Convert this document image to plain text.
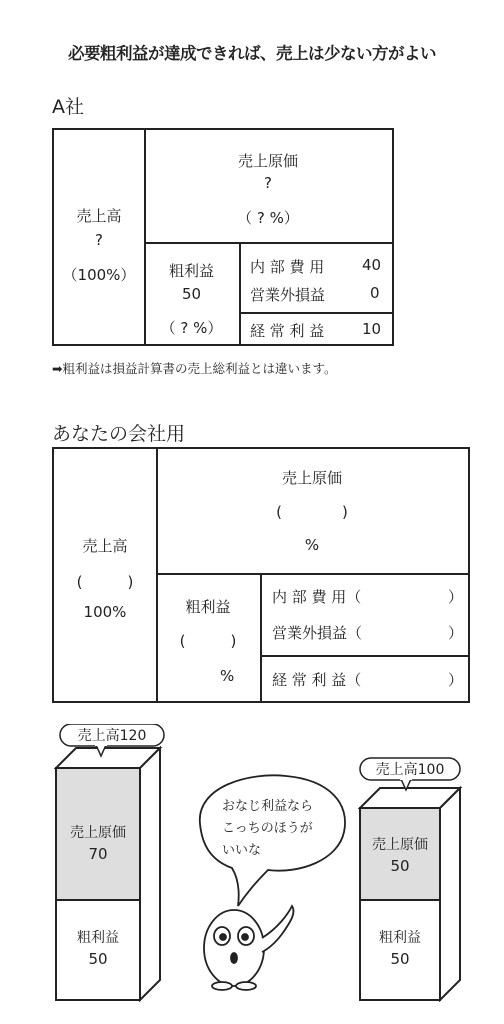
必要粗利益が達成できれば、売上は少ない方がよい
A社
売上高
?
（100%）
売上原価
?
（ ? %）
粗利益
50
（ ? %）
内 部 費 用	40
営業外損益	0
経 常 利 益	10
➡粗利益は損益計算書の売上総利益とは違います。
あなたの会社用
売上高
(　　　)
100%
売上原価
(　　　　)
%
粗利益
(　　　)
%
内 部 費 用（	）
営業外損益（	）
経 常 利 益（	）
売上高120
売上原価
70
粗利益
50
売上高100
売上原価
50
粗利益
50
おなじ利益なら
こっちのほうが
いいな
